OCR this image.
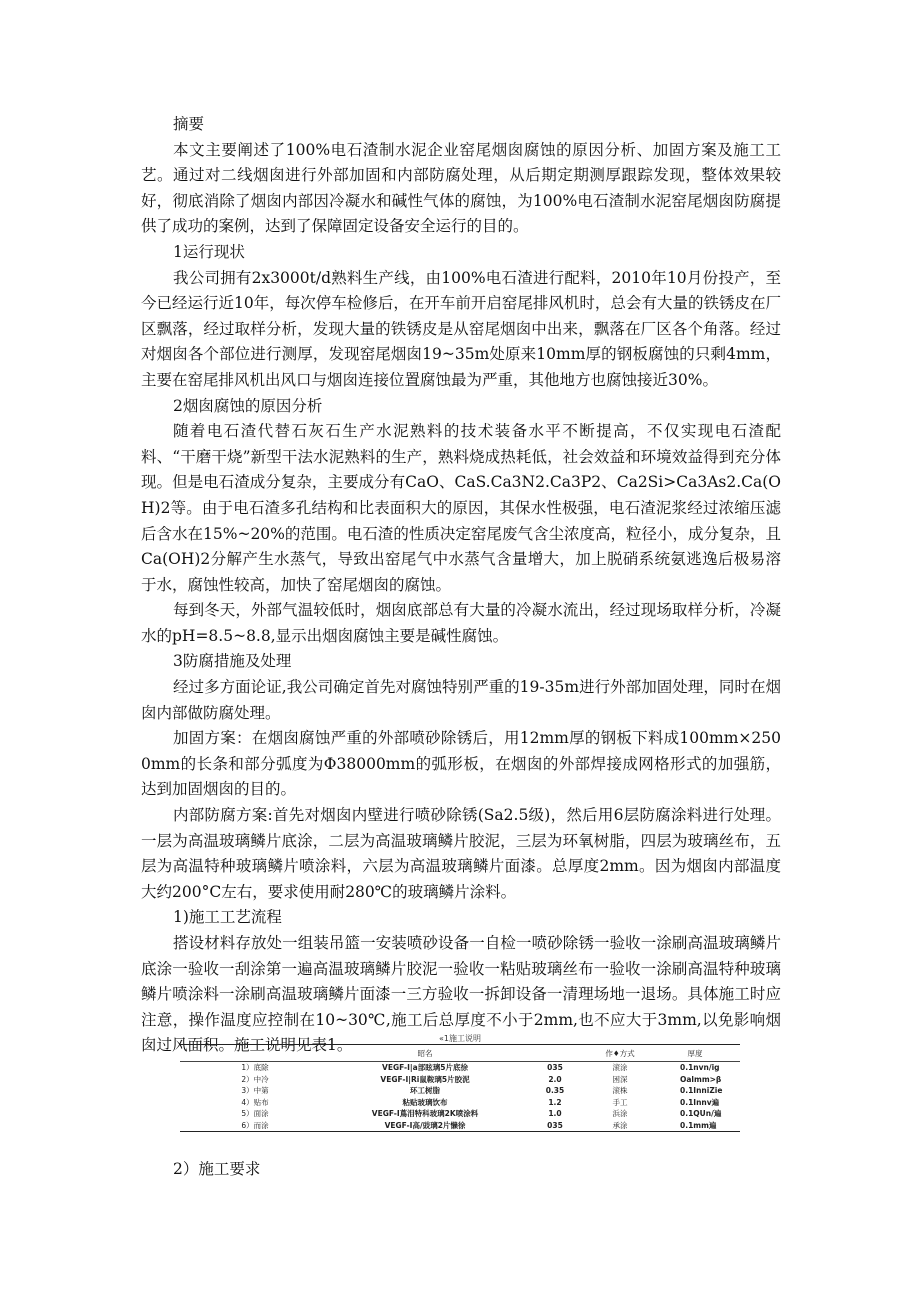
摘要

本文主要阐述了100%电石渣制水泥企业窑尾烟囱腐蚀的原因分析、加固方案及施工工艺。通过对二线烟囱进行外部加固和内部防腐处理，从后期定期测厚跟踪发现，整体效果较好，彻底消除了烟囱内部因冷凝水和碱性气体的腐蚀，为100%电石渣制水泥窑尾烟囱防腐提供了成功的案例，达到了保障固定设备安全运行的目的。

1运行现状

我公司拥有2x3000t/d熟料生产线，由100%电石渣进行配料，2010年10月份投产，至今已经运行近10年，每次停车检修后，在开车前开启窑尾排风机时，总会有大量的铁锈皮在厂区飘落，经过取样分析，发现大量的铁锈皮是从窑尾烟囱中出来，飘落在厂区各个角落。经过对烟囱各个部位进行测厚，发现窑尾烟囱19~35m处原来10mm厚的钢板腐蚀的只剩4mm，主要在窑尾排风机出风口与烟囱连接位置腐蚀最为严重，其他地方也腐蚀接近30%。

2烟囱腐蚀的原因分析

随着电石渣代替石灰石生产水泥熟料的技术装备水平不断提高，不仅实现电石渣配料、“干磨干烧”新型干法水泥熟料的生产，熟料烧成热耗低，社会效益和环境效益得到充分体现。但是电石渣成分复杂，主要成分有CaO、CaS.Ca3N2.Ca3P2、Ca2Si>Ca3As2.Ca(OH)2等。由于电石渣多孔结构和比表面积大的原因，其保水性极强，电石渣泥浆经过浓缩压滤后含水在15%~20%的范围。电石渣的性质决定窑尾废气含尘浓度高，粒径小，成分复杂，且Ca(OH)2分解产生水蒸气，导致出窑尾气中水蒸气含量增大，加上脱硝系统氨逃逸后极易溶于水，腐蚀性较高，加快了窑尾烟囱的腐蚀。

每到冬天，外部气温较低时，烟囱底部总有大量的冷凝水流出，经过现场取样分析，冷凝水的pH=8.5~8.8,显示出烟囱腐蚀主要是碱性腐蚀。

3防腐措施及处理

经过多方面论证,我公司确定首先对腐蚀特别严重的19-35m进行外部加固处理，同时在烟囱内部做防腐处理。

加固方案：在烟囱腐蚀严重的外部喷砂除锈后，用12mm厚的钢板下料成100mm×2500mm的长条和部分弧度为Φ38000mm的弧形板，在烟囱的外部焊接成网格形式的加强筋，达到加固烟囱的目的。

内部防腐方案:首先对烟囱内壁进行喷砂除锈(Sa2.5级)，然后用6层防腐涂料进行处理。一层为高温玻璃鳞片底涂，二层为高温玻璃鳞片胶泥，三层为环氧树脂，四层为玻璃丝布，五层为高温特种玻璃鳞片喷涂料，六层为高温玻璃鳞片面漆。总厚度2mm。因为烟囱内部温度大约200°C左右，要求使用耐280℃的玻璃鳞片涂料。

1)施工工艺流程

搭设材料存放处一组装吊篮一安装喷砂设备一自检一喷砂除锈一验收一涂刷高温玻璃鳞片底涂一验收一刮涂第一遍高温玻璃鳞片胶泥一验收一粘贴玻璃丝布一验收一涂刷高温特种玻璃鳞片喷涂料一涂刷高温玻璃鳞片面漆一三方验收一拆卸设备一清理场地一退场。具体施工时应注意，操作温度应控制在10~30℃,施工后总厚度不小于2mm,也不应大于3mm,以免影响烟囱过风面积。施工说明见表1。	«1施工说明
	昭名		作♦方式	厚度
1）底除	VEGF-I|a部眩璃5片底徐	035	滚涂	0.1nvn/ig
2）中冷	VEGF-I|Ri鼠鞍璃5片胶泥	2.0	困深	Oalmm>β
3）中第	环工树脂	0.35	滚株	0.1InniZie
4）贴布	粘贴玻璃饮布	1.2	手工	0.1Innv遍
5）面涂	VEGF-I蔦泪特科玻璃2K喷涂料	1.0	浜涂	0.1QUn/遍
6）而涂	VEGF-I高/豉璃2片懒徐	035	承涂	0.1mm遍

2）施工要求
